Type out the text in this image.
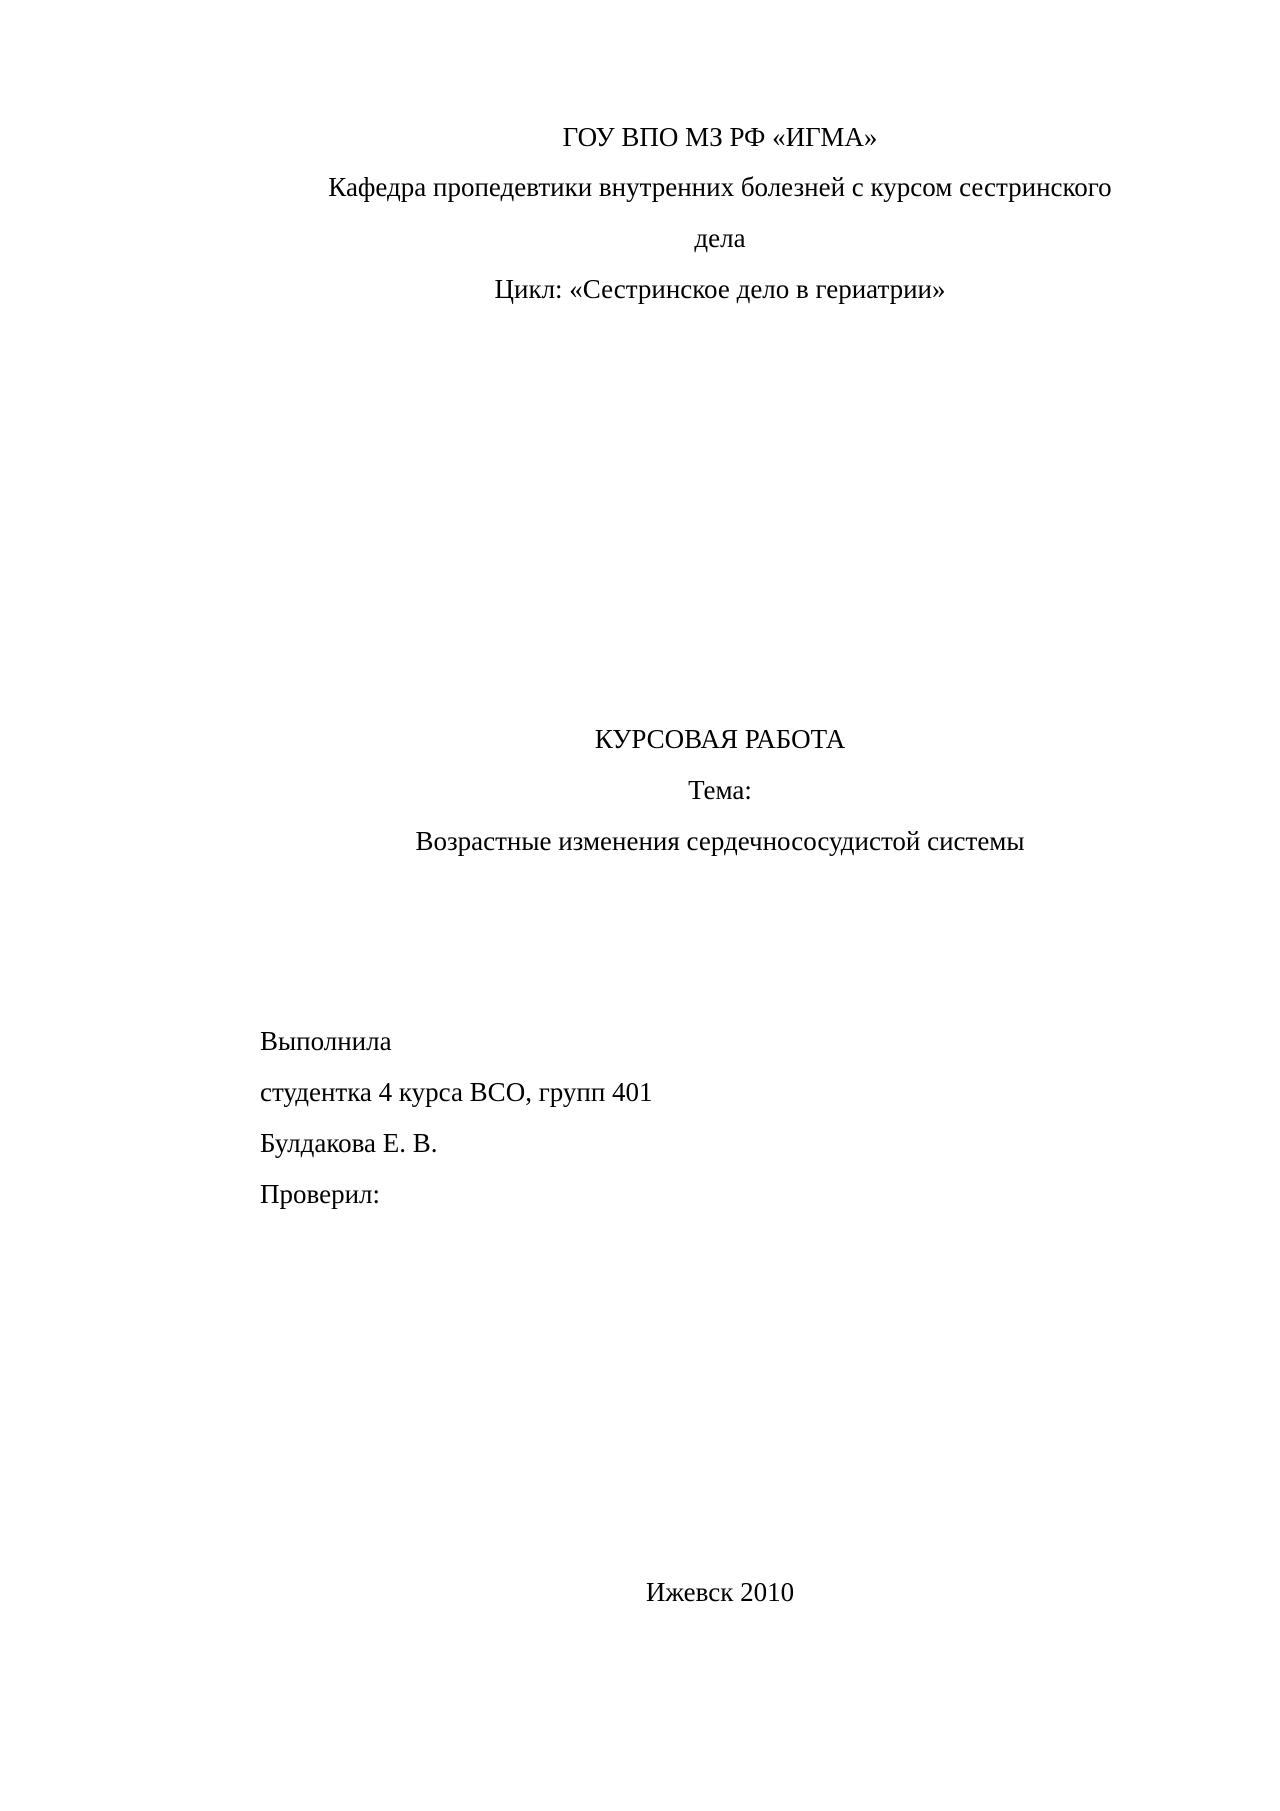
ГОУ ВПО МЗ РФ «ИГМА»
Кафедра пропедевтики внутренних болезней с курсом сестринского
дела
Цикл: «Сестринское дело в гериатрии»
КУРСОВАЯ РАБОТА
Тема:
Возрастные изменения сердечнососудистой системы
Выполнила
студентка 4 курса ВСО, групп 401
Булдакова Е. В.
Проверил:
Ижевск 2010
